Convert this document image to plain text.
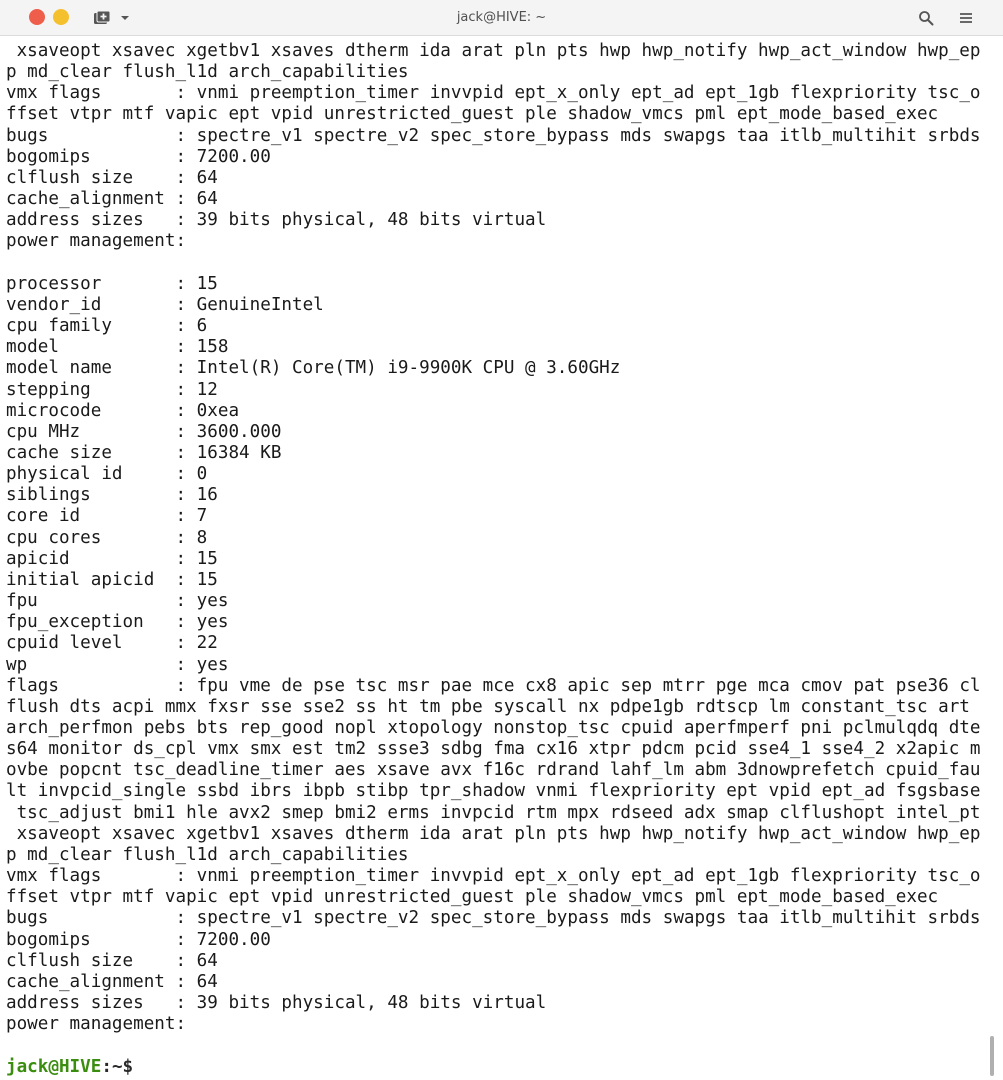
jack@HIVE: ~
xsaveopt xsavec xgetbv1 xsaves dtherm ida arat pln pts hwp hwp_notify hwp_act_window hwp_ep
p md_clear flush_l1d arch_capabilities
vmx flags	: vnmi preemption_timer invvpid ept_x_only ept_ad ept_1gb flexpriority tsc_o
ffset vtpr mtf vapic ept vpid unrestricted_guest ple shadow_vmcs pml ept_mode_based_exec
bugs		: spectre_v1 spectre_v2 spec_store_bypass mds swapgs taa itlb_multihit srbds
bogomips	: 7200.00
clflush size	: 64
cache_alignment	: 64
address sizes	: 39 bits physical, 48 bits virtual
power management:

processor	: 15
vendor_id	: GenuineIntel
cpu family	: 6
model		: 158
model name	: Intel(R) Core(TM) i9-9900K CPU @ 3.60GHz
stepping	: 12
microcode	: 0xea
cpu MHz		: 3600.000
cache size	: 16384 KB
physical id	: 0
siblings	: 16
core id		: 7
cpu cores	: 8
apicid		: 15
initial apicid	: 15
fpu		: yes
fpu_exception	: yes
cpuid level	: 22
wp		: yes
flags		: fpu vme de pse tsc msr pae mce cx8 apic sep mtrr pge mca cmov pat pse36 cl
flush dts acpi mmx fxsr sse sse2 ss ht tm pbe syscall nx pdpe1gb rdtscp lm constant_tsc art
arch_perfmon pebs bts rep_good nopl xtopology nonstop_tsc cpuid aperfmperf pni pclmulqdq dte
s64 monitor ds_cpl vmx smx est tm2 ssse3 sdbg fma cx16 xtpr pdcm pcid sse4_1 sse4_2 x2apic m
ovbe popcnt tsc_deadline_timer aes xsave avx f16c rdrand lahf_lm abm 3dnowprefetch cpuid_fau
lt invpcid_single ssbd ibrs ibpb stibp tpr_shadow vnmi flexpriority ept vpid ept_ad fsgsbase
tsc_adjust bmi1 hle avx2 smep bmi2 erms invpcid rtm mpx rdseed adx smap clflushopt intel_pt
xsaveopt xsavec xgetbv1 xsaves dtherm ida arat pln pts hwp hwp_notify hwp_act_window hwp_ep
p md_clear flush_l1d arch_capabilities
vmx flags	: vnmi preemption_timer invvpid ept_x_only ept_ad ept_1gb flexpriority tsc_o
ffset vtpr mtf vapic ept vpid unrestricted_guest ple shadow_vmcs pml ept_mode_based_exec
bugs		: spectre_v1 spectre_v2 spec_store_bypass mds swapgs taa itlb_multihit srbds
bogomips	: 7200.00
clflush size	: 64
cache_alignment	: 64
address sizes	: 39 bits physical, 48 bits virtual
power management:
jack@HIVE:~$
